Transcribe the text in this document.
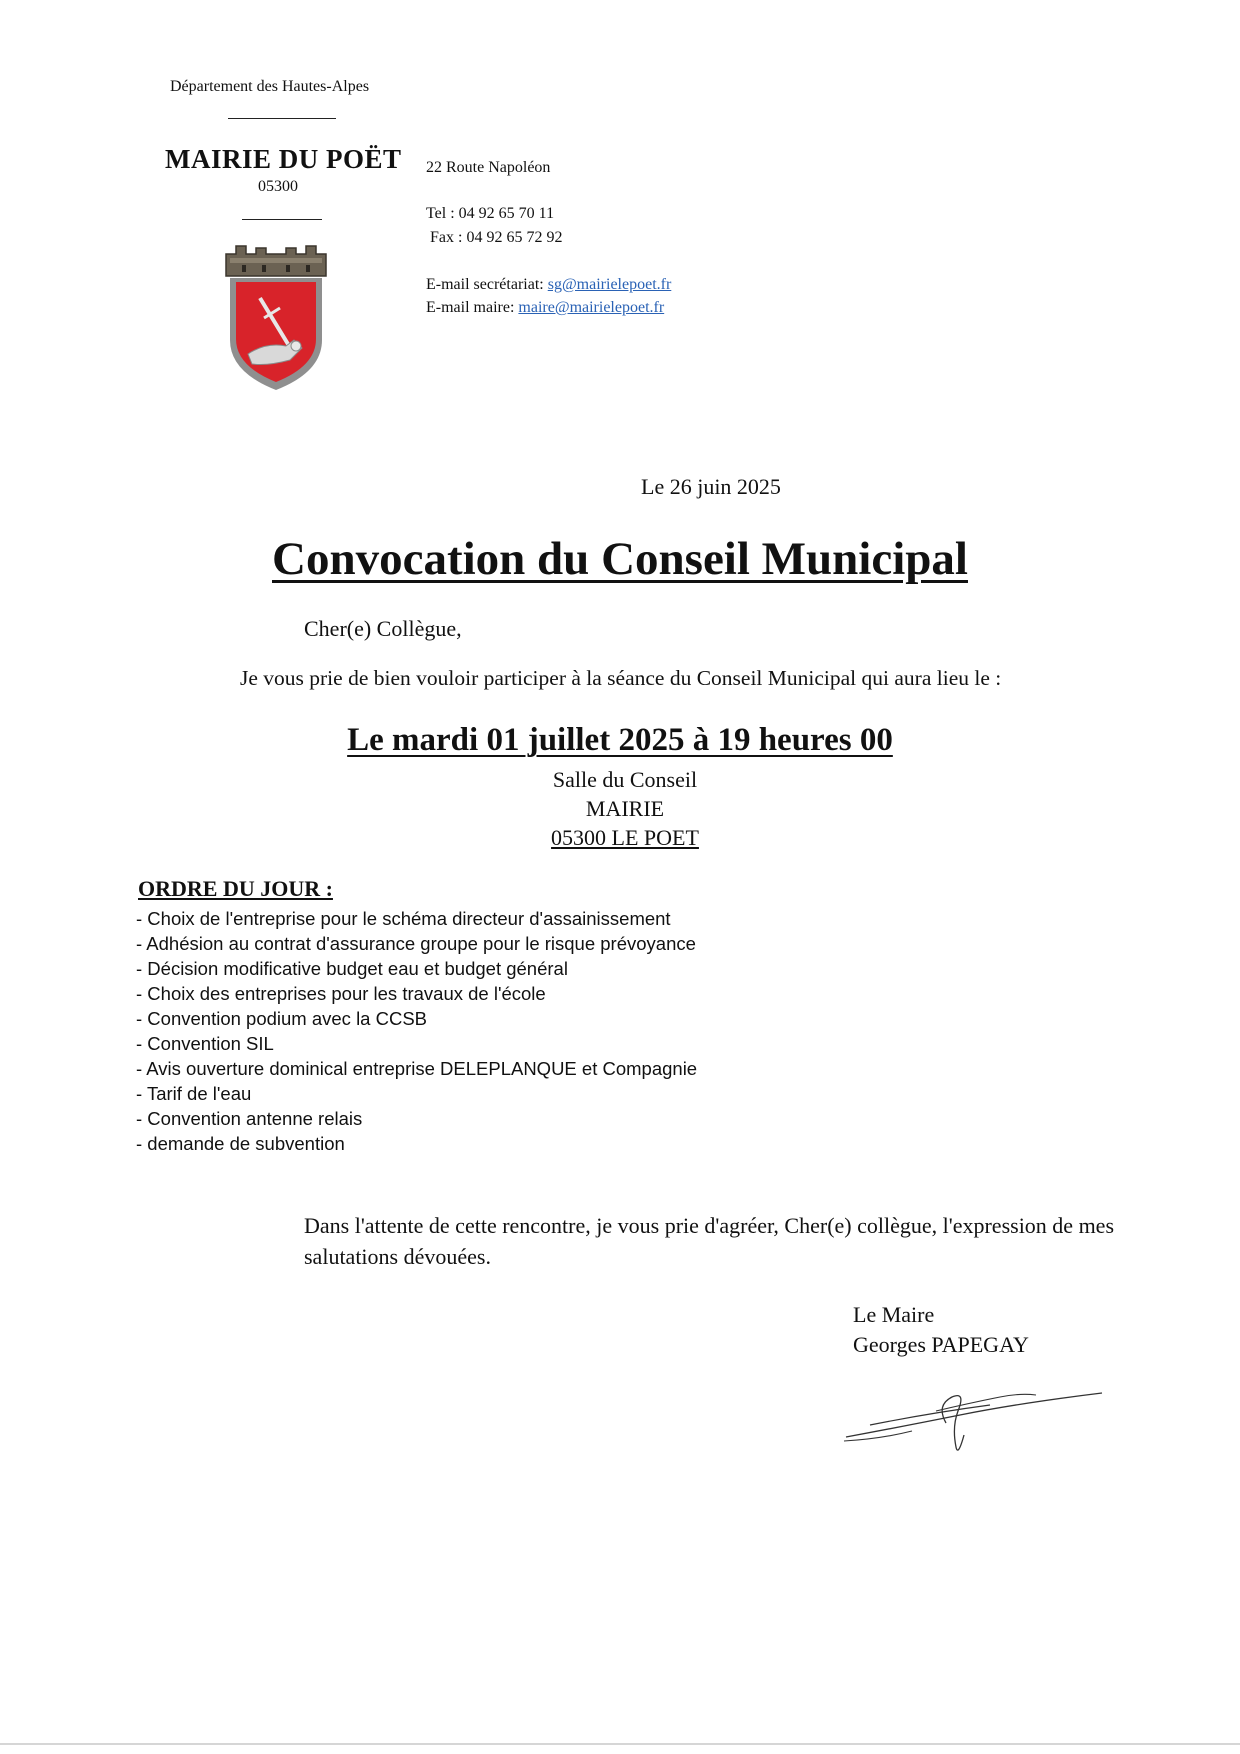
Département des Hautes-Alpes
MAIRIE DU POËT
05300
22 Route Napoléon
Tel : 04 92 65 70 11
Fax : 04 92 65 72 92
E-mail secrétariat: sg@mairielepoet.fr
E-mail maire: maire@mairielepoet.fr
Le 26 juin 2025
Convocation du Conseil Municipal
Cher(e) Collègue,
Je vous prie de bien vouloir participer à la séance du Conseil Municipal qui aura lieu le :
Le mardi 01 juillet 2025 à 19 heures 00
Salle du Conseil
MAIRIE
05300 LE POET
ORDRE DU JOUR :
- Choix de l'entreprise pour le schéma directeur d'assainissement
- Adhésion au contrat d'assurance groupe pour le risque prévoyance
- Décision modificative budget eau et budget général
- Choix des entreprises pour les travaux de l'école
- Convention podium avec la CCSB
- Convention SIL
- Avis ouverture dominical entreprise DELEPLANQUE et Compagnie
- Tarif de l'eau
- Convention antenne relais
- demande de subvention
Dans l'attente de cette rencontre, je vous prie d'agréer, Cher(e) collègue, l'expression de mes salutations dévouées.
Le Maire
Georges PAPEGAY
